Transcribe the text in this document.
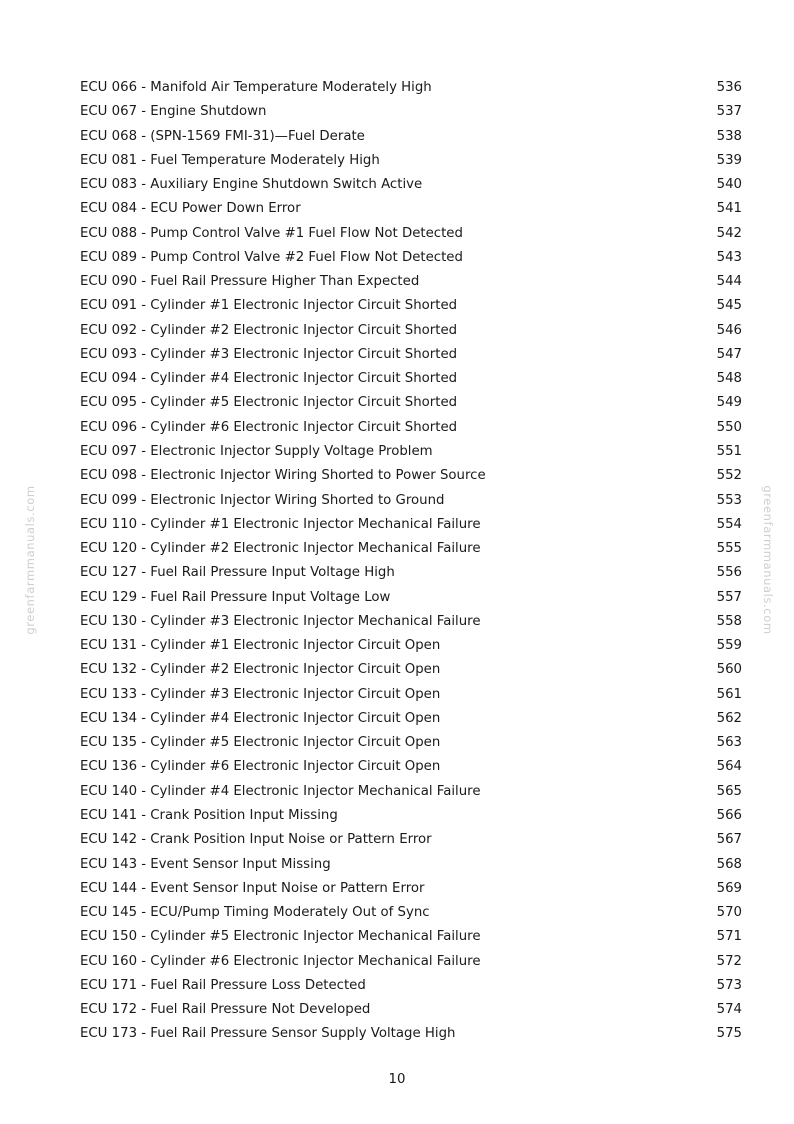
greenfarmmanuals.com	greenfarmmanuals.com
ECU 066 - Manifold Air Temperature Moderately High	536
ECU 067 - Engine Shutdown	537
ECU 068 - (SPN-1569 FMI-31)—Fuel Derate	538
ECU 081 - Fuel Temperature Moderately High	539
ECU 083 - Auxiliary Engine Shutdown Switch Active	540
ECU 084 - ECU Power Down Error	541
ECU 088 - Pump Control Valve #1 Fuel Flow Not Detected	542
ECU 089 - Pump Control Valve #2 Fuel Flow Not Detected	543
ECU 090 - Fuel Rail Pressure Higher Than Expected	544
ECU 091 - Cylinder #1 Electronic Injector Circuit Shorted	545
ECU 092 - Cylinder #2 Electronic Injector Circuit Shorted	546
ECU 093 - Cylinder #3 Electronic Injector Circuit Shorted	547
ECU 094 - Cylinder #4 Electronic Injector Circuit Shorted	548
ECU 095 - Cylinder #5 Electronic Injector Circuit Shorted	549
ECU 096 - Cylinder #6 Electronic Injector Circuit Shorted	550
ECU 097 - Electronic Injector Supply Voltage Problem	551
ECU 098 - Electronic Injector Wiring Shorted to Power Source	552
ECU 099 - Electronic Injector Wiring Shorted to Ground	553
ECU 110 - Cylinder #1 Electronic Injector Mechanical Failure	554
ECU 120 - Cylinder #2 Electronic Injector Mechanical Failure	555
ECU 127 - Fuel Rail Pressure Input Voltage High	556
ECU 129 - Fuel Rail Pressure Input Voltage Low	557
ECU 130 - Cylinder #3 Electronic Injector Mechanical Failure	558
ECU 131 - Cylinder #1 Electronic Injector Circuit Open	559
ECU 132 - Cylinder #2 Electronic Injector Circuit Open	560
ECU 133 - Cylinder #3 Electronic Injector Circuit Open	561
ECU 134 - Cylinder #4 Electronic Injector Circuit Open	562
ECU 135 - Cylinder #5 Electronic Injector Circuit Open	563
ECU 136 - Cylinder #6 Electronic Injector Circuit Open	564
ECU 140 - Cylinder #4 Electronic Injector Mechanical Failure	565
ECU 141 - Crank Position Input Missing	566
ECU 142 - Crank Position Input Noise or Pattern Error	567
ECU 143 - Event Sensor Input Missing	568
ECU 144 - Event Sensor Input Noise or Pattern Error	569
ECU 145 - ECU/Pump Timing Moderately Out of Sync	570
ECU 150 - Cylinder #5 Electronic Injector Mechanical Failure	571
ECU 160 - Cylinder #6 Electronic Injector Mechanical Failure	572
ECU 171 - Fuel Rail Pressure Loss Detected	573
ECU 172 - Fuel Rail Pressure Not Developed	574
ECU 173 - Fuel Rail Pressure Sensor Supply Voltage High	575
10
